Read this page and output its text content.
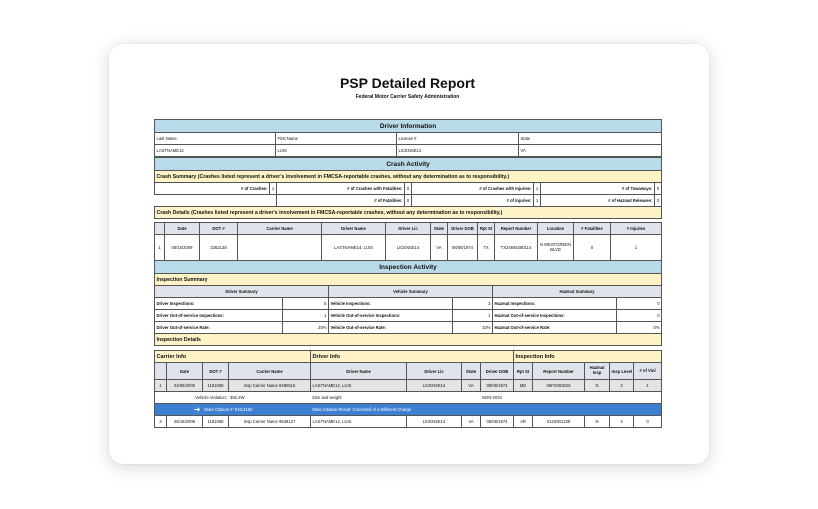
PSP Detailed Report
Federal Motor Carrier Safety Administration
Driver Information			
Last Name	First Name	License #	State
LASTNAME14	LUIS	LICENSE14	VA
Crash Activity							
Crash Summary (Crashes listed represent a driver's involvement in FMCSA-reportable crashes, without any determination as to responsibility.)							
# of Crashes:	1	# of Crashes with Fatalities:	0	# of Crashes with Injuries:	1	# of Towaways:	0
		# of Fatalities:	0	# of Injuries:	1	# of Hazmat Releases:	0
Crash Details (Crashes listed represent a driver's involvement in FMCSA-reportable crashes, without any determination as to responsibility.)							
	Date	DOT #	Carrier Name	Driver Name	Driver Lic	State	Driver DOB	Rpt St	Report Number	Location	# Fatalities	# Injuries
1	06/15/2009	2362138		LASTNAME14, LUIS	LICENSE14	VA	08/06/1974	TX	TX24845280114	N WESTGREEN BLVD	0	1
Inspection Activity					
Inspection Summary					
Driver Summary		Vehicle Summary		Hazmat Summary	
Driver Inspections:	5	Vehicle Inspections:	3	Hazmat Inspections:	0
Driver Out-of-service Inspections:	1	Vehicle Out-of-service Inspections:	1	Hazmat Out-of-service Inspections:	0
Driver Out-of-service Rate:	20%	Vehicle Out-of-service Rate:	33%	Hazmat Out-of-service Rate:	0%
Inspection Details					
Carrier Info				Driver Info				Inspection Info				
	Date	DOT #	Carrier Name	Driver Name	Driver Lic	State	Driver DOB	Rpt St	Report Number	Hazmat Insp	Insp Level	# of Viol
1	04/06/2009	1181069	Insp Carrier Name 9490515	LASTNAME14, LUIS	LICENSE14	VA	08/06/1974	MD	06FX003025	N	2	1
	Vehicle Violation:		392.2W	Size and weight			NON-OOS					
➜		State Citation #: EN14150		State Citation Result: Convicted of a Different Charge								
2	05/16/2009	1181069	Insp Carrier Name 9548127	LASTNAME14, LUIS	LICENSE14	VA	08/06/1974	AR	0120001239	N	3	0
